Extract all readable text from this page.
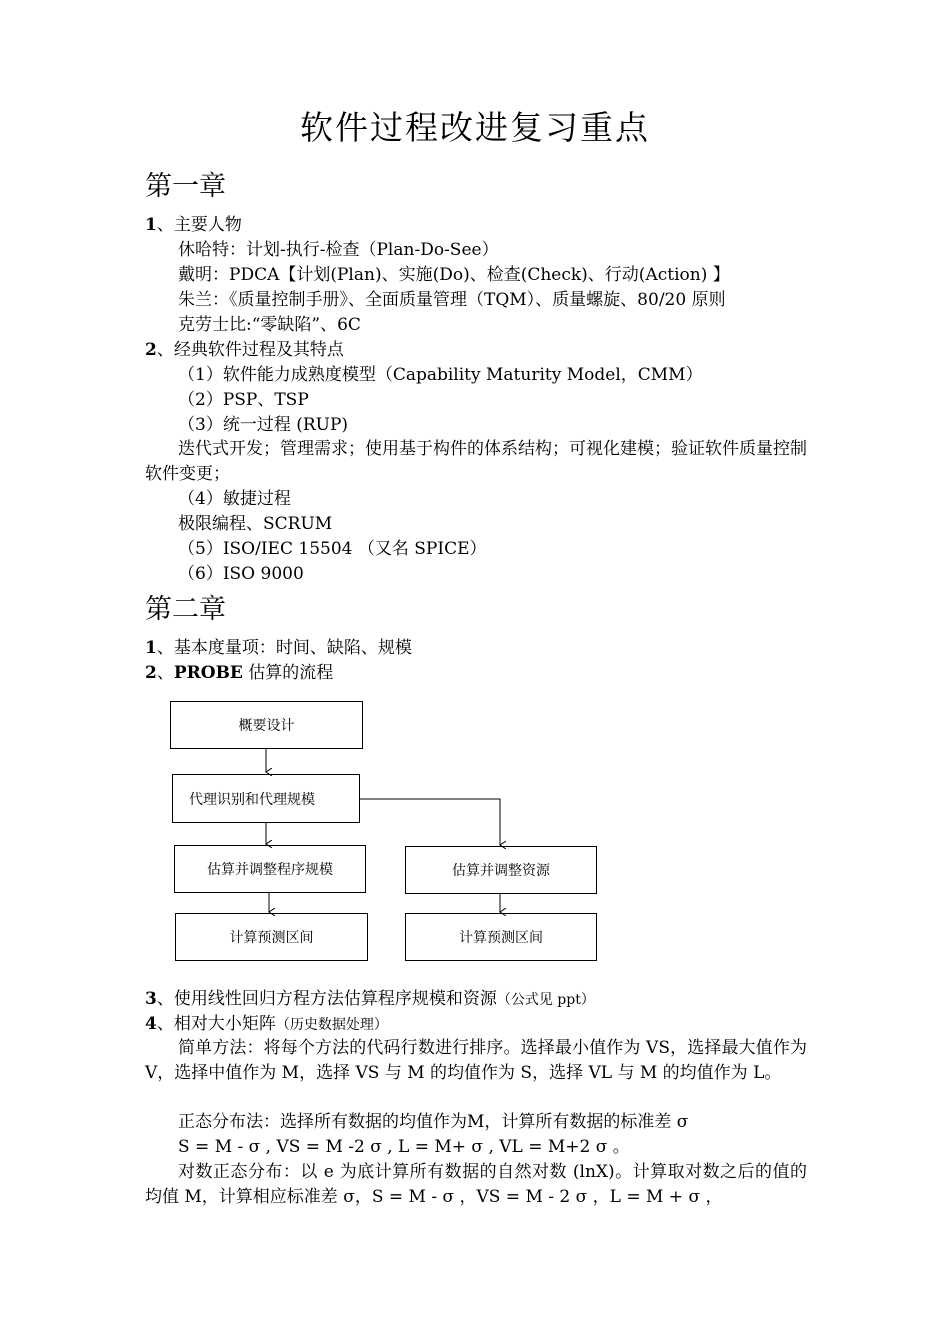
软件过程改进复习重点
第一章
1、主要人物
休哈特：计划-执行-检查（Plan-Do-See）
戴明：PDCA【计划(Plan)、实施(Do)、检查(Check)、行动(Action) 】
朱兰：《质量控制手册》、全面质量管理（TQM）、质量螺旋、80/20 原则
克劳士比:“零缺陷”、6C
2、经典软件过程及其特点
（1）软件能力成熟度模型（Capability Maturity Model，CMM）
（2）PSP、TSP
（3）统一过程 (RUP)
迭代式开发；管理需求；使用基于构件的体系结构；可视化建模；验证软件质量控制软件变更；
（4）敏捷过程
极限编程、SCRUM
（5）ISO/IEC 15504 （又名 SPICE）
（6）ISO 9000
第二章
1、基本度量项：时间、缺陷、规模
2、PROBE 估算的流程
概要设计
代理识别和代理规模
估算并调整程序规模	估算并调整资源
计算预测区间	计算预测区间
3、使用线性回归方程方法估算程序规模和资源（公式见 ppt）
4、相对大小矩阵（历史数据处理）
简单方法：将每个方法的代码行数进行排序。选择最小值作为 VS，选择最大值作为 V，选择中值作为 M，选择 VS 与 M 的均值作为 S，选择 VL 与 M 的均值作为 L。
正态分布法：选择所有数据的均值作为M，计算所有数据的标准差 σ
S = M - σ , VS = M -2 σ , L = M+ σ , VL = M+2 σ 。
对数正态分布：以 e 为底计算所有数据的自然对数 (lnX)。计算取对数之后的值的均值 M，计算相应标准差 σ，S = M - σ ，VS = M - 2 σ ，L = M + σ ，
